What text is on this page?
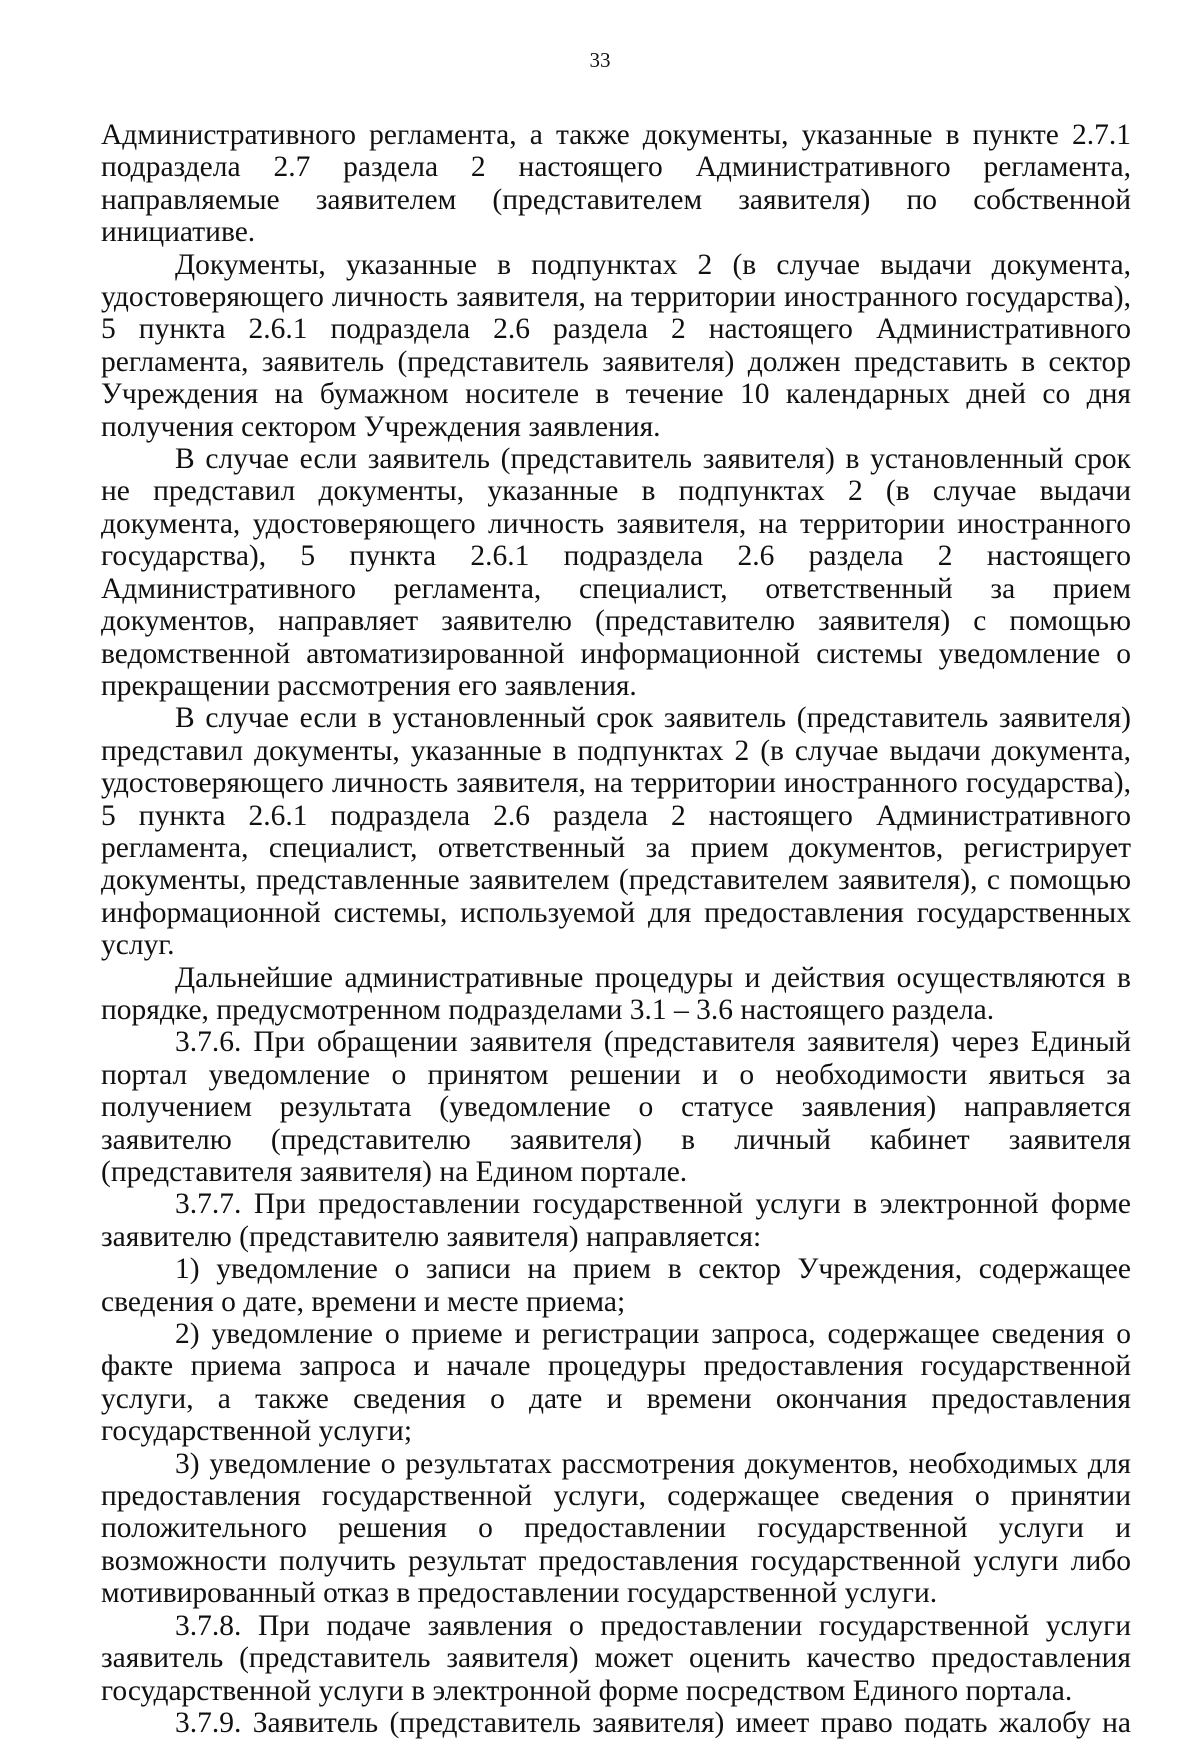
33

Административного регламента, а также документы, указанные в пункте 2.7.1 подраздела 2.7 раздела 2 настоящего Административного регламента, направляемые заявителем (представителем заявителя) по собственной инициативе.

Документы, указанные в подпунктах 2 (в случае выдачи документа, удостоверяющего личность заявителя, на территории иностранного государства), 5 пункта 2.6.1 подраздела 2.6 раздела 2 настоящего Административного регламента, заявитель (представитель заявителя) должен представить в сектор Учреждения на бумажном носителе в течение 10 календарных дней со дня получения сектором Учреждения заявления.

В случае если заявитель (представитель заявителя) в установленный срок не представил документы, указанные в подпунктах 2 (в случае выдачи документа, удостоверяющего личность заявителя, на территории иностранного государства), 5 пункта 2.6.1 подраздела 2.6 раздела 2 настоящего Административного регламента, специалист, ответственный за прием документов, направляет заявителю (представителю заявителя) с помощью ведомственной автоматизированной информационной системы уведомление о прекращении рассмотрения его заявления.

В случае если в установленный срок заявитель (представитель заявителя) представил документы, указанные в подпунктах 2 (в случае выдачи документа, удостоверяющего личность заявителя, на территории иностранного государства), 5 пункта 2.6.1 подраздела 2.6 раздела 2 настоящего Административного регламента, специалист, ответственный за прием документов, регистрирует документы, представленные заявителем (представителем заявителя), с помощью информационной системы, используемой для предоставления государственных услуг.

Дальнейшие административные процедуры и действия осуществляются в порядке, предусмотренном подразделами 3.1 – 3.6 настоящего раздела.

3.7.6. При обращении заявителя (представителя заявителя) через Единый портал уведомление о принятом решении и о необходимости явиться за получением результата (уведомление о статусе заявления) направляется заявителю (представителю заявителя) в личный кабинет заявителя (представителя заявителя) на Едином портале.

3.7.7. При предоставлении государственной услуги в электронной форме заявителю (представителю заявителя) направляется:

1) уведомление о записи на прием в сектор Учреждения, содержащее сведения о дате, времени и месте приема;

2) уведомление о приеме и регистрации запроса, содержащее сведения о факте приема запроса и начале процедуры предоставления государственной услуги, а также сведения о дате и времени окончания предоставления государственной услуги;

3) уведомление о результатах рассмотрения документов, необходимых для предоставления государственной услуги, содержащее сведения о принятии положительного решения о предоставлении государственной услуги и возможности получить результат предоставления государственной услуги либо мотивированный отказ в предоставлении государственной услуги.

3.7.8. При подаче заявления о предоставлении государственной услуги заявитель (представитель заявителя) может оценить качество предоставления государственной услуги в электронной форме посредством Единого портала.

3.7.9. Заявитель (представитель заявителя) имеет право подать жалобу на
